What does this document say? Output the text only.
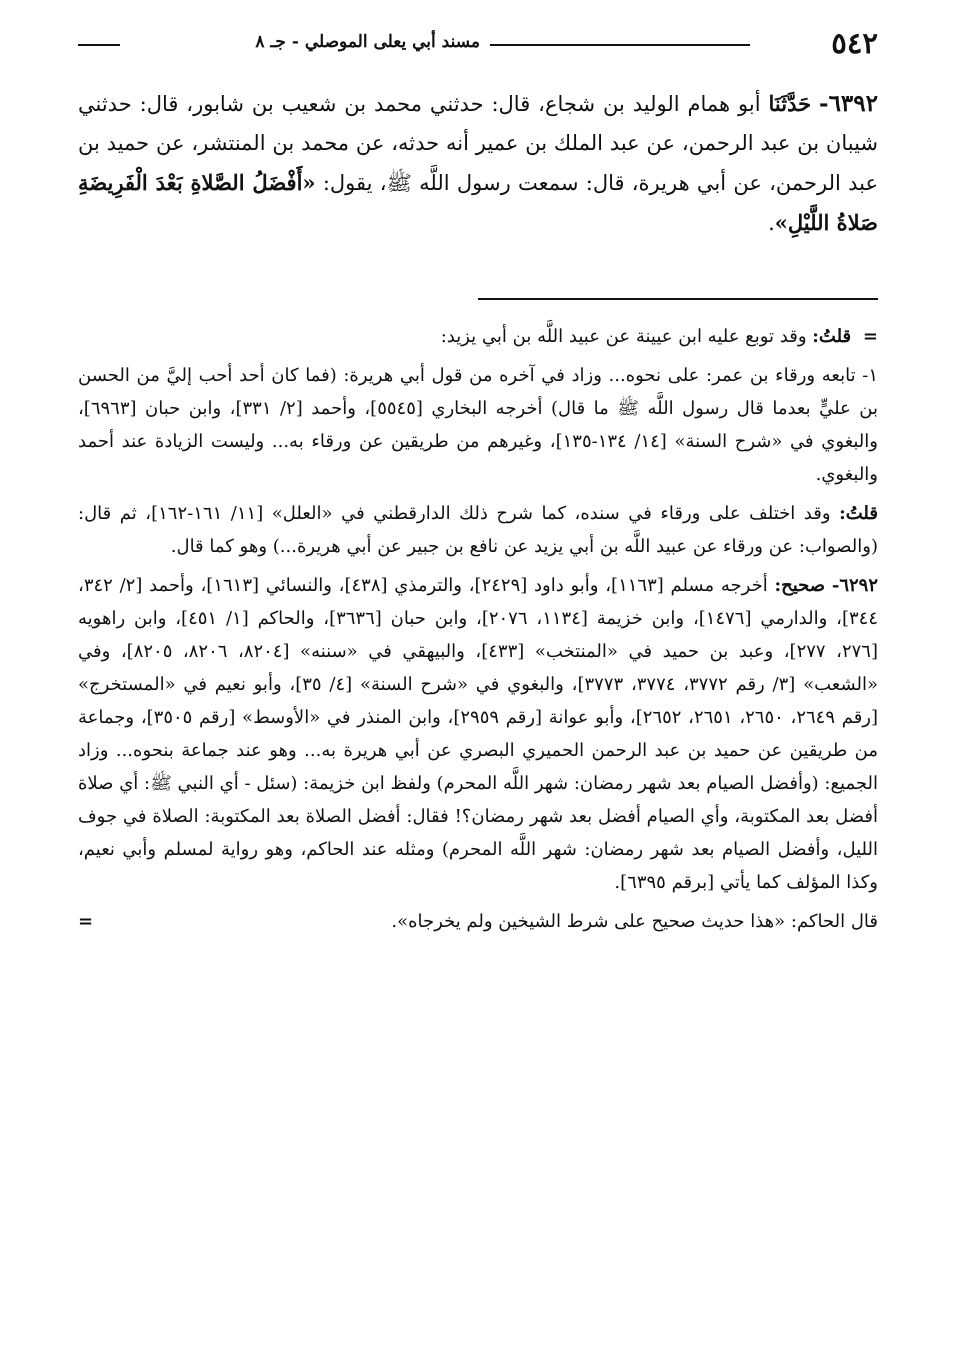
٥٤٢
مسند أبي يعلى الموصلي - جـ ٨

٦٣٩٢- حَدَّثَنَا أبو همام الوليد بن شجاع، قال: حدثني محمد بن شعيب بن شابور، قال: حدثني شيبان بن عبد الرحمن، عن عبد الملك بن عمير أنه حدثه، عن محمد بن المنتشر، عن حميد بن عبد الرحمن، عن أبي هريرة، قال: سمعت رسول اللَّه ﷺ، يقول: «أَفْضَلُ الصَّلاةِ بَعْدَ الْفَرِيضَةِ صَلاةُ اللَّيْلِ».

= قلتُ: وقد توبع عليه ابن عيينة عن عبيد اللَّه بن أبي يزيد:

١- تابعه ورقاء بن عمر: على نحوه... وزاد في آخره من قول أبي هريرة: (فما كان أحد أحب إليَّ من الحسن بن عليٍّ بعدما قال رسول اللَّه ﷺ ما قال) أخرجه البخاري [٥٥٤٥]، وأحمد [٢/ ٣٣١]، وابن حبان [٦٩٦٣]، والبغوي في «شرح السنة» [١٤/ ١٣٤-١٣٥]، وغيرهم من طريقين عن ورقاء به... وليست الزيادة عند أحمد والبغوي.

قلتُ: وقد اختلف على ورقاء في سنده، كما شرح ذلك الدارقطني في «العلل» [١١/ ١٦١-١٦٢]، ثم قال: (والصواب: عن ورقاء عن عبيد اللَّه بن أبي يزيد عن نافع بن جبير عن أبي هريرة...) وهو كما قال.

٦٢٩٢- صحيح: أخرجه مسلم [١١٦٣]، وأبو داود [٢٤٢٩]، والترمذي [٤٣٨]، والنسائي [١٦١٣]، وأحمد [٢/ ٣٤٢، ٣٤٤]، والدارمي [١٤٧٦]، وابن خزيمة [١١٣٤، ٢٠٧٦]، وابن حبان [٣٦٣٦]، والحاكم [١/ ٤٥١]، وابن راهويه [٢٧٦، ٢٧٧]، وعبد بن حميد في «المنتخب» [٤٣٣]، والبيهقي في «سننه» [٨٢٠٤، ٨٢٠٦، ٨٢٠٥]، وفي «الشعب» [٣/ رقم ٣٧٧٢، ٣٧٧٤، ٣٧٧٣]، والبغوي في «شرح السنة» [٤/ ٣٥]، وأبو نعيم في «المستخرج» [رقم ٢٦٤٩، ٢٦٥٠، ٢٦٥١، ٢٦٥٢]، وأبو عوانة [رقم ٢٩٥٩]، وابن المنذر في «الأوسط» [رقم ٣٥٠٥]، وجماعة من طريقين عن حميد بن عبد الرحمن الحميري البصري عن أبي هريرة به... وهو عند جماعة بنحوه... وزاد الجميع: (وأفضل الصيام بعد شهر رمضان: شهر اللَّه المحرم) ولفظ ابن خزيمة: (سئل - أي النبي ﷺ: أي صلاة أفضل بعد المكتوبة، وأي الصيام أفضل بعد شهر رمضان؟! فقال: أفضل الصلاة بعد المكتوبة: الصلاة في جوف الليل، وأفضل الصيام بعد شهر رمضان: شهر اللَّه المحرم) ومثله عند الحاكم، وهو رواية لمسلم وأبي نعيم، وكذا المؤلف كما يأتي [برقم ٦٣٩٥].

قال الحاكم: «هذا حديث صحيح على شرط الشيخين ولم يخرجاه».
=
